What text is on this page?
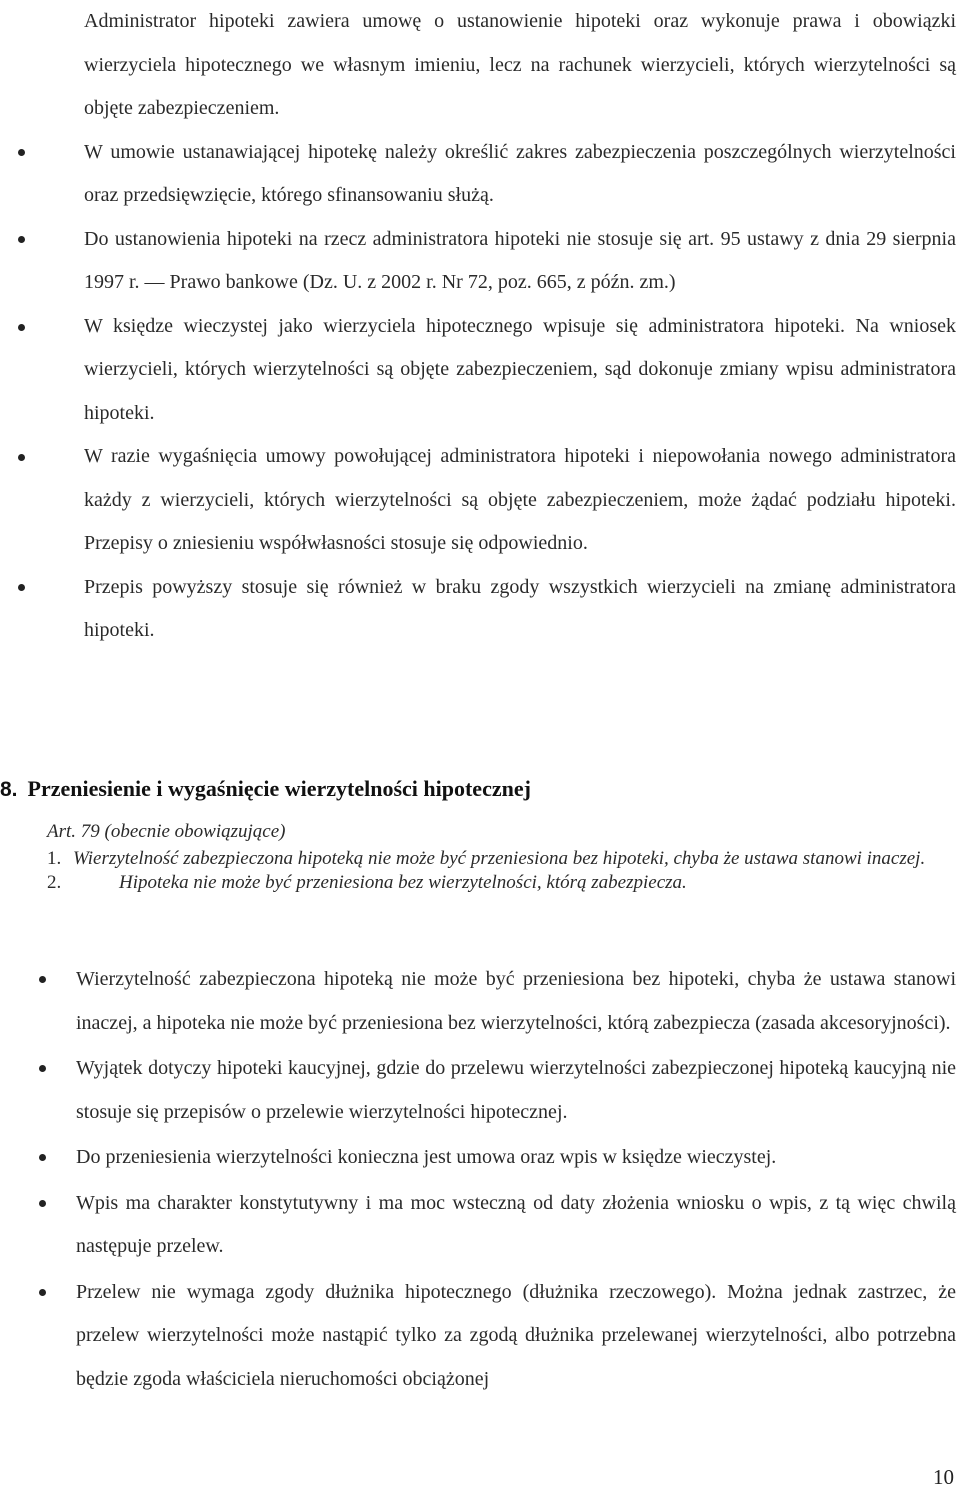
Administrator hipoteki zawiera umowę o ustanowienie hipoteki oraz wykonuje prawa i obowiązki wierzyciela hipotecznego we własnym imieniu, lecz na rachunek wierzycieli, których wierzytelności są objęte zabezpieczeniem.
W umowie ustanawiającej hipotekę należy określić zakres zabezpieczenia poszczególnych wierzytelności oraz przedsięwzięcie, którego sfinansowaniu służą.
Do ustanowienia hipoteki na rzecz administratora hipoteki nie stosuje się art. 95 ustawy z dnia 29 sierpnia 1997 r. — Prawo bankowe (Dz. U. z 2002 r. Nr 72, poz. 665, z późn. zm.)
W księdze wieczystej jako wierzyciela hipotecznego wpisuje się administratora hipoteki. Na wniosek wierzycieli, których wierzytelności są objęte zabezpieczeniem, sąd dokonuje zmiany wpisu administratora hipoteki.
W razie wygaśnięcia umowy powołującej administratora hipoteki i niepowołania nowego administratora każdy z wierzycieli, których wierzytelności są objęte zabezpieczeniem, może żądać podziału hipoteki. Przepisy o zniesieniu współwłasności stosuje się odpowiednio.
Przepis powyższy stosuje się również w braku zgody wszystkich wierzycieli na zmianę administratora hipoteki.
8. Przeniesienie i wygaśnięcie wierzytelności hipotecznej
Art. 79 (obecnie obowiązujące)
1. Wierzytelność zabezpieczona hipoteką nie może być przeniesiona bez hipoteki, chyba że ustawa stanowi inaczej.
2.	Hipoteka nie może być przeniesiona bez wierzytelności, którą zabezpiecza.
Wierzytelność zabezpieczona hipoteką nie może być przeniesiona bez hipoteki, chyba że ustawa stanowi inaczej, a hipoteka nie może być przeniesiona bez wierzytelności, którą zabezpiecza (zasada akcesoryjności).
Wyjątek dotyczy hipoteki kaucyjnej, gdzie do przelewu wierzytelności zabezpieczonej hipoteką kaucyjną nie stosuje się przepisów o przelewie wierzytelności hipotecznej.
Do przeniesienia wierzytelności konieczna jest umowa oraz wpis w księdze wieczystej.
Wpis ma charakter konstytutywny i ma moc wsteczną od daty złożenia wniosku o wpis, z tą więc chwilą następuje przelew.
Przelew nie wymaga zgody dłużnika hipotecznego (dłużnika rzeczowego). Można jednak zastrzec, że przelew wierzytelności może nastąpić tylko za zgodą dłużnika przelewanej wierzytelności, albo potrzebna będzie zgoda właściciela nieruchomości obciążonej
10
